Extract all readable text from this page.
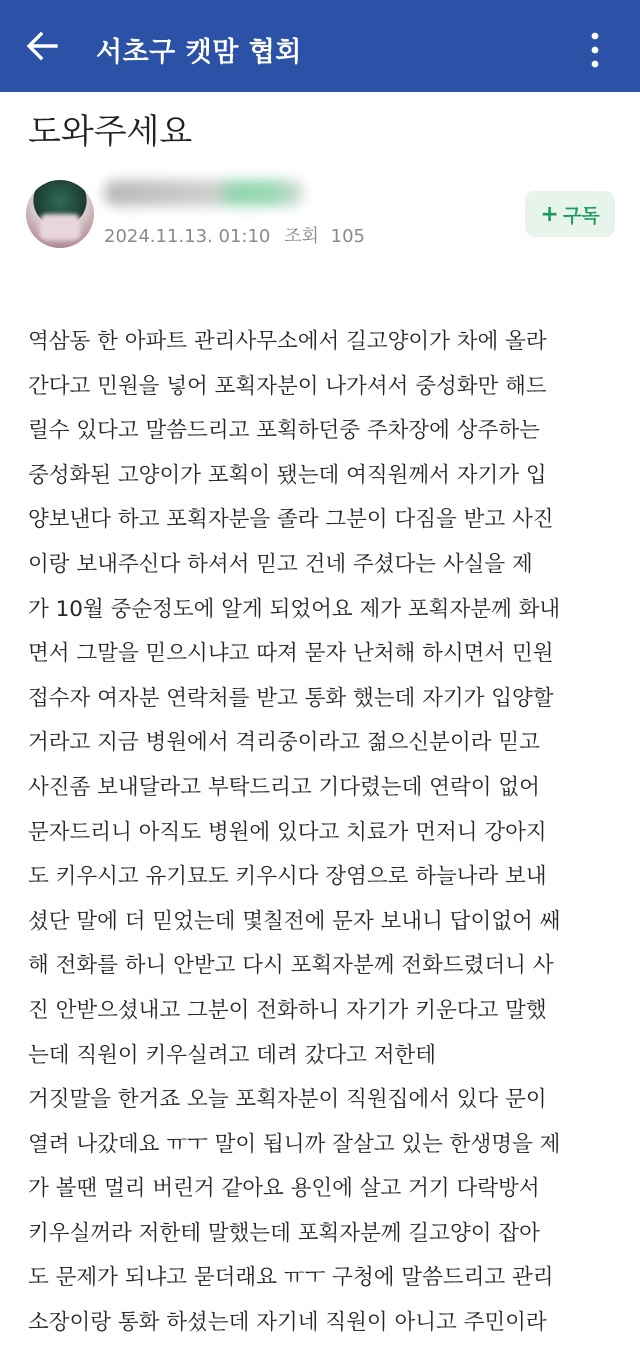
서초구 캣맘 협회
도와주세요
2024.11.13. 01:10 조회 105
+ 구독
역삼동 한 아파트 관리사무소에서 길고양이가 차에 올라
간다고 민원을 넣어 포획자분이 나가셔서 중성화만 해드
릴수 있다고 말씀드리고 포획하던중 주차장에 상주하는
중성화된 고양이가 포획이 됐는데 여직원께서 자기가 입
양보낸다 하고 포획자분을 졸라 그분이 다짐을 받고 사진
이랑 보내주신다 하셔서 믿고 건네 주셨다는 사실을 제
가 10월 중순정도에 알게 되었어요 제가 포획자분께 화내
면서 그말을 믿으시냐고 따져 묻자 난처해 하시면서 민원
접수자 여자분 연락처를 받고 통화 했는데 자기가 입양할
거라고 지금 병원에서 격리중이라고 젊으신분이라 믿고
사진좀 보내달라고 부탁드리고 기다렸는데 연락이 없어
문자드리니 아직도 병원에 있다고 치료가 먼저니 강아지
도 키우시고 유기묘도 키우시다 장염으로 하늘나라 보내
셨단 말에 더 믿었는데 몇칠전에 문자 보내니 답이없어 쌔
해 전화를 하니 안받고 다시 포획자분께 전화드렸더니 사
진 안받으셨내고 그분이 전화하니 자기가 키운다고 말했
는데 직원이 키우실려고 데려 갔다고 저한테
거짓말을 한거죠 오늘 포획자분이 직원집에서 있다 문이
열려 나갔데요 ㅠㅜ 말이 됩니까 잘살고 있는 한생명을 제
가 볼땐 멀리 버린거 같아요 용인에 살고 거기 다락방서
키우실꺼라 저한테 말했는데 포획자분께 길고양이 잡아
도 문제가 되냐고 묻더래요 ㅠㅜ 구청에 말씀드리고 관리
소장이랑 통화 하셨는데 자기네 직원이 아니고 주민이라
